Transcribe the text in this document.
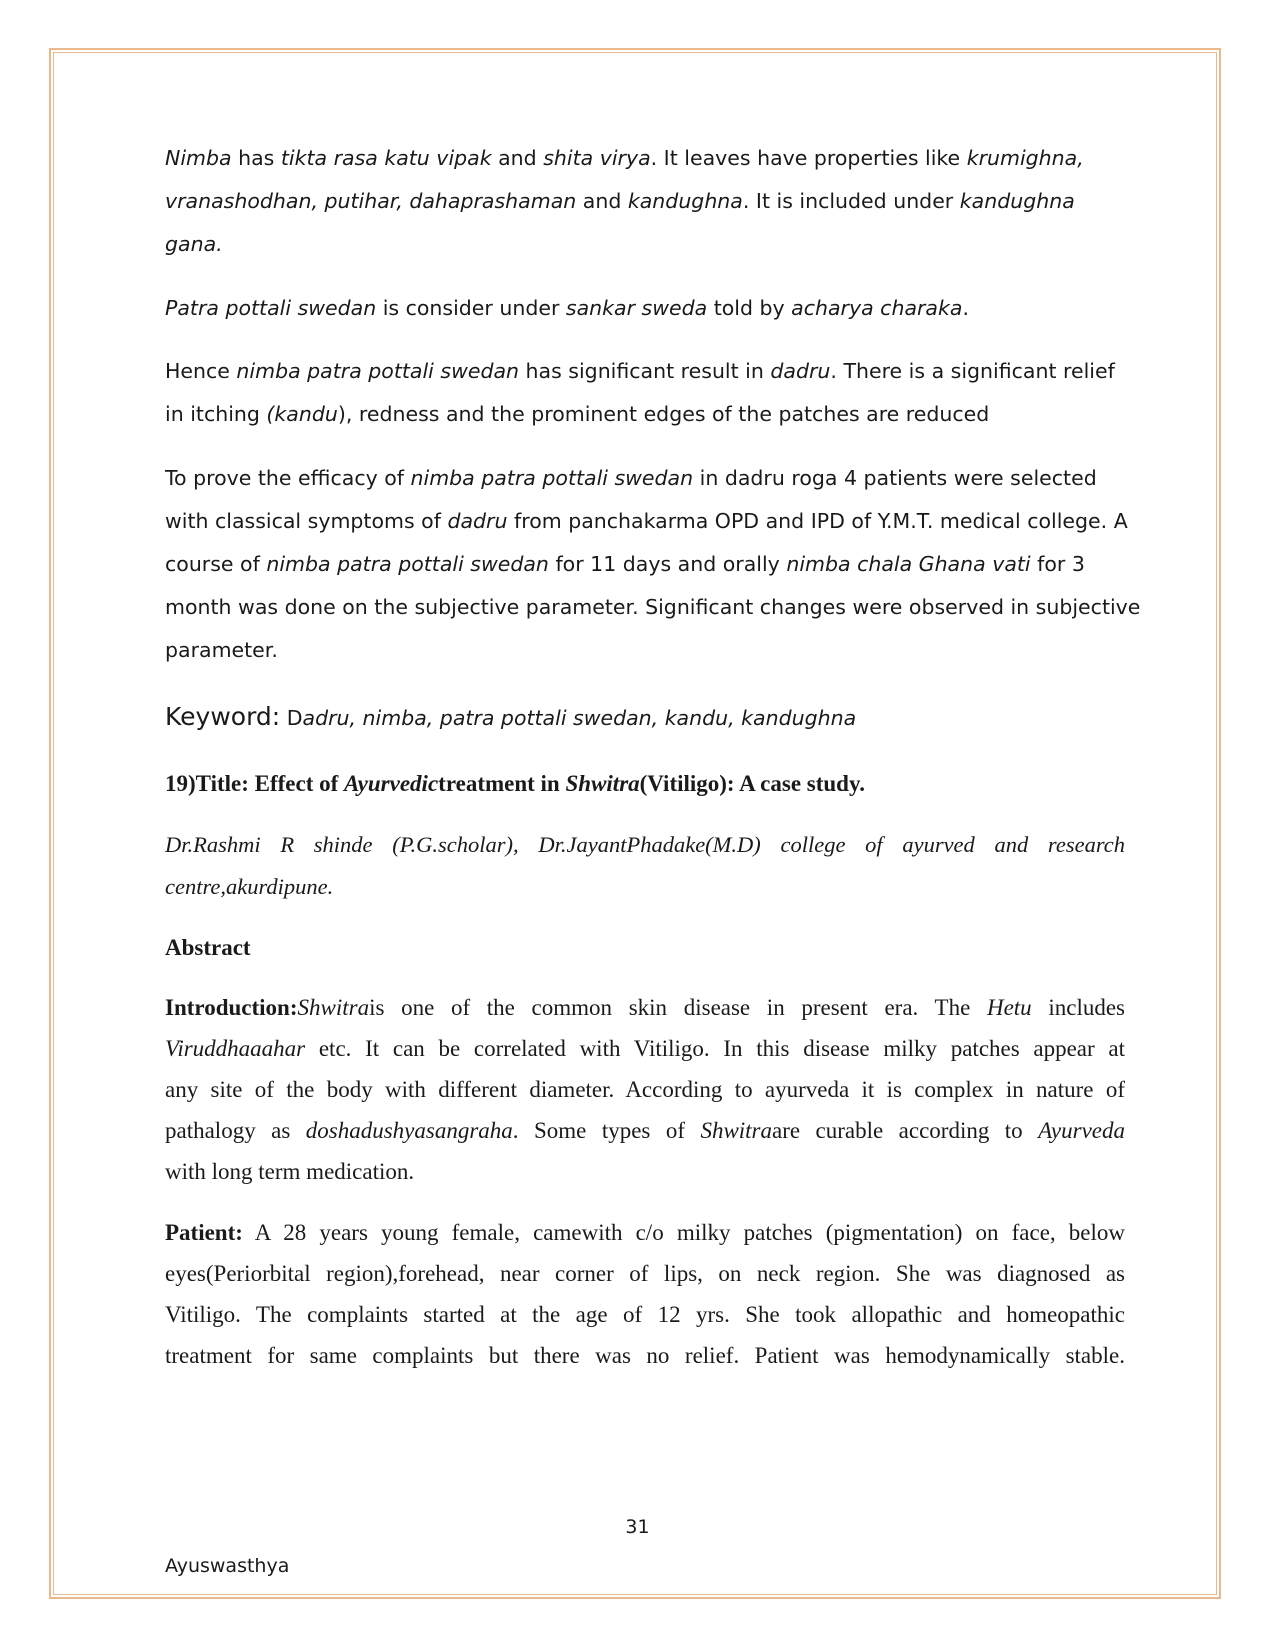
Nimba has tikta rasa katu vipak and shita virya. It leaves have properties like krumighna,
vranashodhan, putihar, dahaprashaman and kandughna. It is included under kandughna
gana.
Patra pottali swedan is consider under sankar sweda told by acharya charaka.
Hence nimba patra pottali swedan has significant result in dadru. There is a significant relief
in itching (kandu), redness and the prominent edges of the patches are reduced
To prove the efficacy of nimba patra pottali swedan in dadru roga 4 patients were selected
with classical symptoms of dadru from panchakarma OPD and IPD of Y.M.T. medical college. A
course of nimba patra pottali swedan for 11 days and orally nimba chala Ghana vati for 3
month was done on the subjective parameter. Significant changes were observed in subjective
parameter.
Keyword: Dadru, nimba, patra pottali swedan, kandu, kandughna
19)Title: Effect of Ayurvedictreatment in Shwitra(Vitiligo): A case study.
Dr.Rashmi R shinde (P.G.scholar), Dr.JayantPhadake(M.D) college of ayurved and research
centre,akurdipune.
Abstract
Introduction:Shwitrais one of the common skin disease in present era. The Hetu includes
Viruddhaaahar etc. It can be correlated with Vitiligo. In this disease milky patches appear at
any site of the body with different diameter. According to ayurveda it is complex in nature of
pathalogy as doshadushyasangraha. Some types of Shwitraare curable according to Ayurveda
with long term medication.
Patient: A 28 years young female, camewith c/o milky patches (pigmentation) on face, below
eyes(Periorbital region),forehead, near corner of lips, on neck region. She was diagnosed as
Vitiligo. The complaints started at the age of 12 yrs. She took allopathic and homeopathic
treatment for same complaints but there was no relief. Patient was hemodynamically stable.
31
Ayuswasthya
